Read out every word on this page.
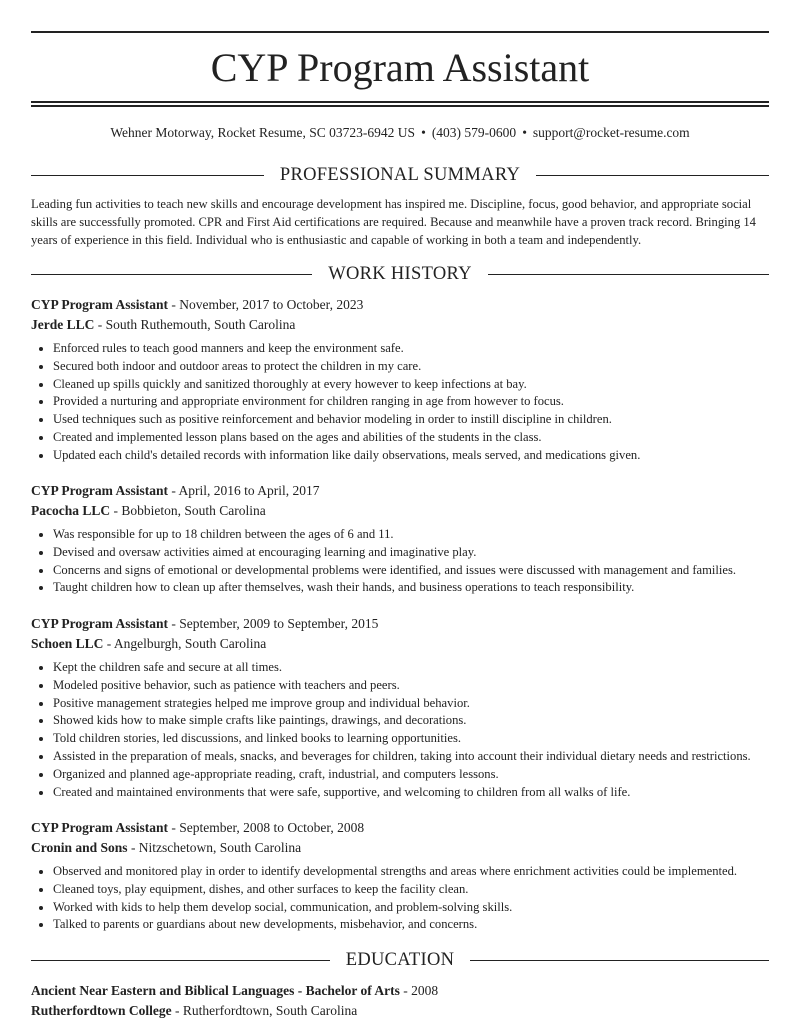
CYP Program Assistant
Wehner Motorway, Rocket Resume, SC 03723-6942 US • (403) 579-0600 • support@rocket-resume.com
PROFESSIONAL SUMMARY
Leading fun activities to teach new skills and encourage development has inspired me. Discipline, focus, good behavior, and appropriate social skills are successfully promoted. CPR and First Aid certifications are required. Because and meanwhile have a proven track record. Bringing 14 years of experience in this field. Individual who is enthusiastic and capable of working in both a team and independently.
WORK HISTORY
CYP Program Assistant - November, 2017 to October, 2023
Jerde LLC - South Ruthemouth, South Carolina
• Enforced rules to teach good manners and keep the environment safe.
• Secured both indoor and outdoor areas to protect the children in my care.
• Cleaned up spills quickly and sanitized thoroughly at every however to keep infections at bay.
• Provided a nurturing and appropriate environment for children ranging in age from however to focus.
• Used techniques such as positive reinforcement and behavior modeling in order to instill discipline in children.
• Created and implemented lesson plans based on the ages and abilities of the students in the class.
• Updated each child's detailed records with information like daily observations, meals served, and medications given.
CYP Program Assistant - April, 2016 to April, 2017
Pacocha LLC - Bobbieton, South Carolina
• Was responsible for up to 18 children between the ages of 6 and 11.
• Devised and oversaw activities aimed at encouraging learning and imaginative play.
• Concerns and signs of emotional or developmental problems were identified, and issues were discussed with management and families.
• Taught children how to clean up after themselves, wash their hands, and business operations to teach responsibility.
CYP Program Assistant - September, 2009 to September, 2015
Schoen LLC - Angelburgh, South Carolina
• Kept the children safe and secure at all times.
• Modeled positive behavior, such as patience with teachers and peers.
• Positive management strategies helped me improve group and individual behavior.
• Showed kids how to make simple crafts like paintings, drawings, and decorations.
• Told children stories, led discussions, and linked books to learning opportunities.
• Assisted in the preparation of meals, snacks, and beverages for children, taking into account their individual dietary needs and restrictions.
• Organized and planned age-appropriate reading, craft, industrial, and computers lessons.
• Created and maintained environments that were safe, supportive, and welcoming to children from all walks of life.
CYP Program Assistant - September, 2008 to October, 2008
Cronin and Sons - Nitzschetown, South Carolina
• Observed and monitored play in order to identify developmental strengths and areas where enrichment activities could be implemented.
• Cleaned toys, play equipment, dishes, and other surfaces to keep the facility clean.
• Worked with kids to help them develop social, communication, and problem-solving skills.
• Talked to parents or guardians about new developments, misbehavior, and concerns.
EDUCATION
Ancient Near Eastern and Biblical Languages - Bachelor of Arts - 2008
Rutherfordtown College - Rutherfordtown, South Carolina
